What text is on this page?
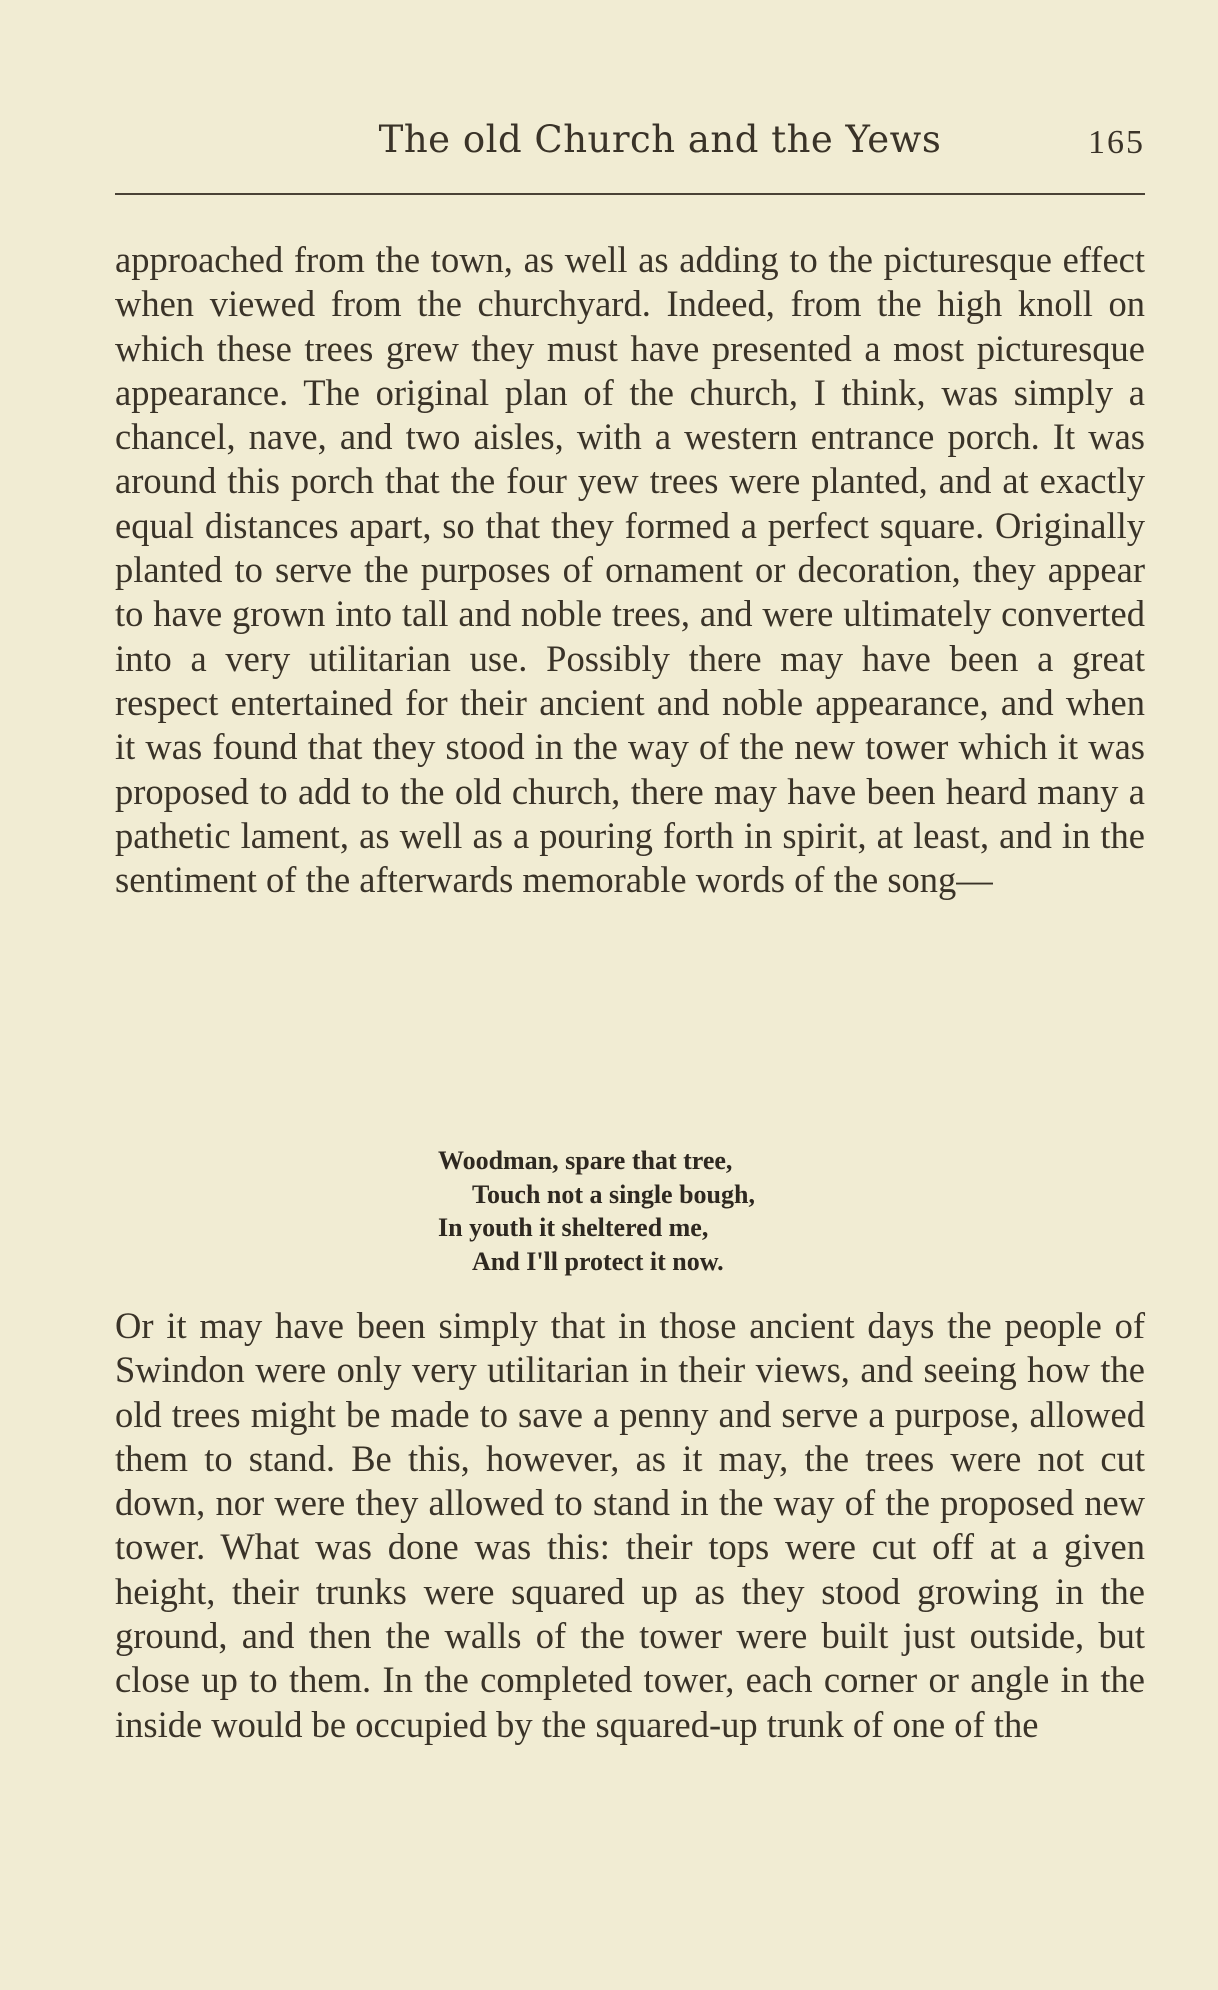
The old Church and the Yews	165

approached from the town, as well as adding to the picturesque effect when viewed from the churchyard. Indeed, from the high knoll on which these trees grew they must have presented a most picturesque appearance. The original plan of the church, I think, was simply a chancel, nave, and two aisles, with a western entrance porch. It was around this porch that the four yew trees were planted, and at exactly equal distances apart, so that they formed a perfect square. Originally planted to serve the purposes of ornament or decoration, they appear to have grown into tall and noble trees, and were ultimately converted into a very utilitarian use. Possibly there may have been a great respect entertained for their ancient and noble appearance, and when it was found that they stood in the way of the new tower which it was proposed to add to the old church, there may have been heard many a pathetic lament, as well as a pouring forth in spirit, at least, and in the sentiment of the afterwards memorable words of the song—

Woodman, spare that tree,
Touch not a single bough,
In youth it sheltered me,
And I'll protect it now.

Or it may have been simply that in those ancient days the people of Swindon were only very utilitarian in their views, and seeing how the old trees might be made to save a penny and serve a purpose, allowed them to stand. Be this, however, as it may, the trees were not cut down, nor were they allowed to stand in the way of the proposed new tower. What was done was this: their tops were cut off at a given height, their trunks were squared up as they stood growing in the ground, and then the walls of the tower were built just outside, but close up to them. In the completed tower, each corner or angle in the inside would be occupied by the squared-up trunk of one of the
